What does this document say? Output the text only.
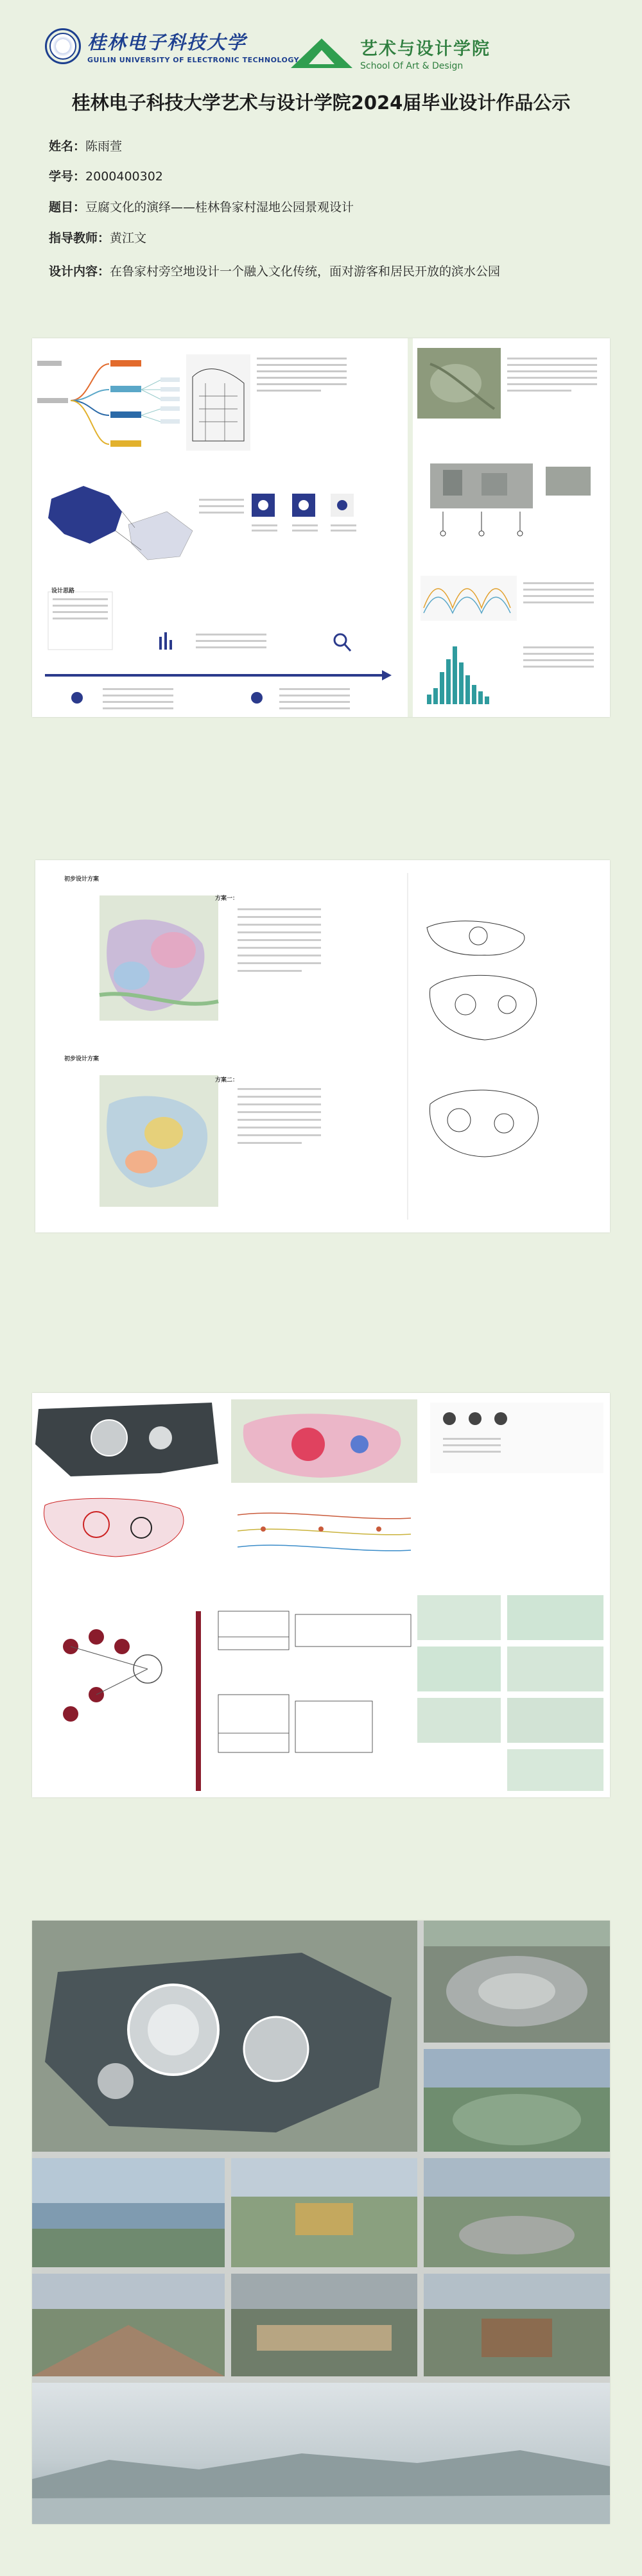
桂林电子科技大学
GUILIN UNIVERSITY OF ELECTRONIC TECHNOLOGY
艺术与设计学院
School Of Art & Design
桂林电子科技大学艺术与设计学院2024届毕业设计作品公示
姓名：陈雨萱
学号：2000400302
题目：豆腐文化的演绎——桂林鲁家村湿地公园景观设计
指导教师：黄江文
设计内容：在鲁家村旁空地设计一个融入文化传统，面对游客和居民开放的滨水公园
设计思路
初步设计方案
方案一：
初步设计方案
方案二：
